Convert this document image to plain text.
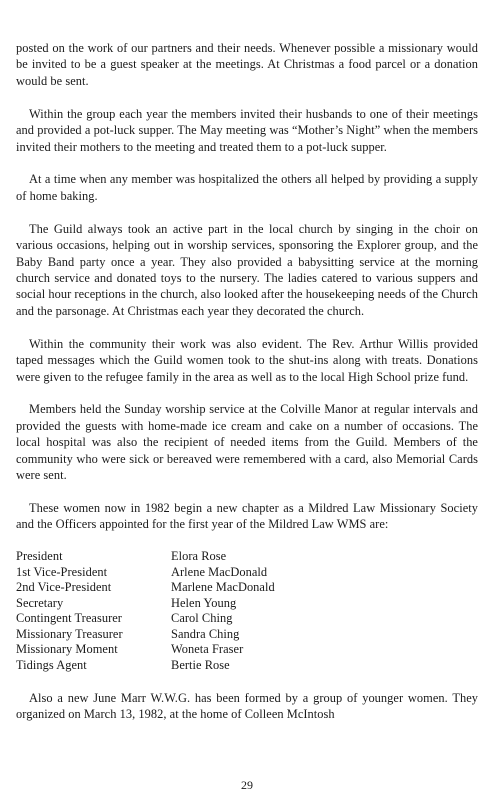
posted on the work of our partners and their needs. Whenever possible a missionary would be invited to be a guest speaker at the meetings. At Christmas a food parcel or a donation would be sent.

Within the group each year the members invited their husbands to one of their meetings and provided a pot-luck supper. The May meeting was “Mother’s Night” when the members invited their mothers to the meeting and treated them to a pot-luck supper.

At a time when any member was hospitalized the others all helped by providing a supply of home baking.

The Guild always took an active part in the local church by singing in the choir on various occasions, helping out in worship services, sponsoring the Explorer group, and the Baby Band party once a year. They also provided a babysitting service at the morning church service and donated toys to the nursery. The ladies catered to various suppers and social hour receptions in the church, also looked after the housekeeping needs of the Church and the parsonage. At Christmas each year they decorated the church.

Within the community their work was also evident. The Rev. Arthur Willis provided taped messages which the Guild women took to the shut-ins along with treats. Donations were given to the refugee family in the area as well as to the local High School prize fund.

Members held the Sunday worship service at the Colville Manor at regular intervals and provided the guests with home-made ice cream and cake on a number of occasions. The local hospital was also the recipient of needed items from the Guild. Members of the community who were sick or bereaved were remembered with a card, also Memorial Cards were sent.

These women now in 1982 begin a new chapter as a Mildred Law Missionary Society and the Officers appointed for the first year of the Mildred Law WMS are:

President	Elora Rose
1st Vice-President	Arlene MacDonald
2nd Vice-President	Marlene MacDonald
Secretary	Helen Young
Contingent Treasurer	Carol Ching
Missionary Treasurer	Sandra Ching
Missionary Moment	Woneta Fraser
Tidings Agent	Bertie Rose

Also a new June Marr W.W.G. has been formed by a group of younger women. They organized on March 13, 1982, at the home of Colleen McIntosh

29
